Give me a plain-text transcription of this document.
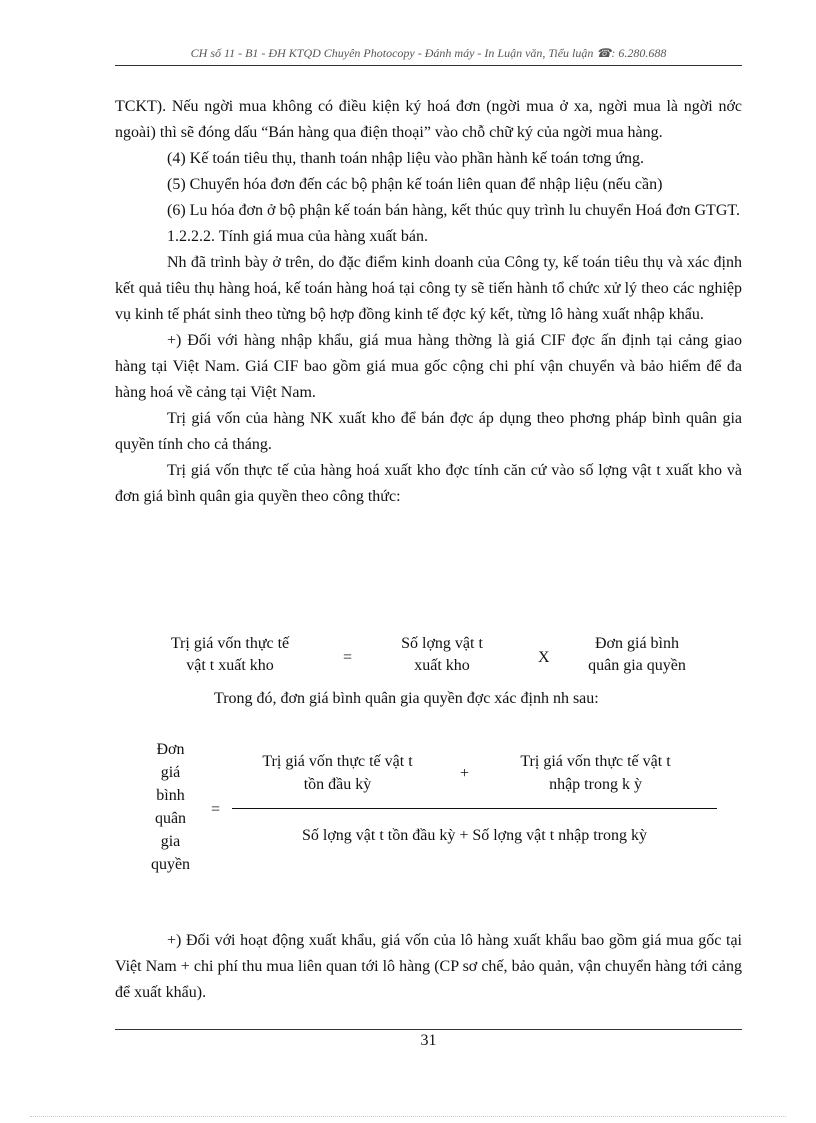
CH số 11 - B1 - ĐH KTQD Chuyên Photocopy - Đánh máy - In Luận văn, Tiểu luận ☎: 6.280.688

TCKT). Nếu ngời mua không có điều kiện ký hoá đơn (ngời mua ở xa, ngời mua là ngời nớc ngoài) thì sẽ đóng dấu “Bán hàng qua điện thoại” vào chỗ chữ ký của ngời mua hàng.

(4) Kế toán tiêu thụ, thanh toán nhập liệu vào phần hành kế toán tơng ứng.

(5) Chuyển hóa đơn đến các bộ phận kế toán liên quan để nhập liệu (nếu cần)

(6) Lu hóa đơn ở bộ phận kế toán bán hàng, kết thúc quy trình lu chuyển Hoá đơn GTGT.

1.2.2.2. Tính giá mua của hàng xuất bán.

Nh đã trình bày ở trên, do đặc điểm kinh doanh của Công ty, kế toán tiêu thụ và xác định kết quả tiêu thụ hàng hoá, kế toán hàng hoá tại công ty sẽ tiến hành tổ chức xử lý theo các nghiệp vụ kinh tế phát sinh theo từng bộ hợp đồng kinh tế đợc ký kết, từng lô hàng xuất nhập khẩu.

+) Đối với hàng nhập khẩu, giá mua hàng thờng là giá CIF đợc ấn định tại cảng giao hàng tại Việt Nam. Giá CIF bao gồm giá mua gốc cộng chi phí vận chuyển và bảo hiểm để đa hàng hoá về cảng tại Việt Nam.

Trị giá vốn của hàng NK xuất kho để bán đợc áp dụng theo phơng pháp bình quân gia quyền tính cho cả tháng.

Trị giá vốn thực tế của hàng hoá xuất kho đợc tính căn cứ vào số lợng vật t xuất kho và đơn giá bình quân gia quyền theo công thức:

Trị giá vốn thực tế
vật t xuất kho	=
Số lợng vật t
xuất kho	X
Đơn giá bình
quân gia quyền
Trong đó, đơn giá bình quân gia quyền đợc xác định nh sau:
Đơn
giá
bình
quân
gia
quyền
=
Trị giá vốn thực tế vật t
tồn đầu kỳ
+
Trị giá vốn thực tế vật t
nhập trong k ỳ
Số lợng vật t tồn đầu kỳ + Số lợng vật t nhập trong kỳ

+) Đối với hoạt động xuất khẩu, giá vốn của lô hàng xuất khẩu bao gồm giá mua gốc tại Việt Nam + chi phí thu mua liên quan tới lô hàng (CP sơ chế, bảo quản, vận chuyển hàng tới cảng để xuất khẩu).

31
